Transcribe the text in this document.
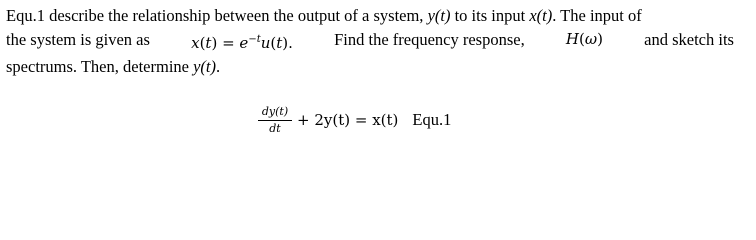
Equ.1 describe the relationship between the output of a system, y(t) to its input x(t). The input of
the system is given as	$x(t) = e^{-t}u(t)$. Find the frequency response,	H(ω) and sketch its
spectrums. Then, determine y(t).
$\frac{dy(t)}{dt} + 2y(t) = x(t)$ Equ.1
